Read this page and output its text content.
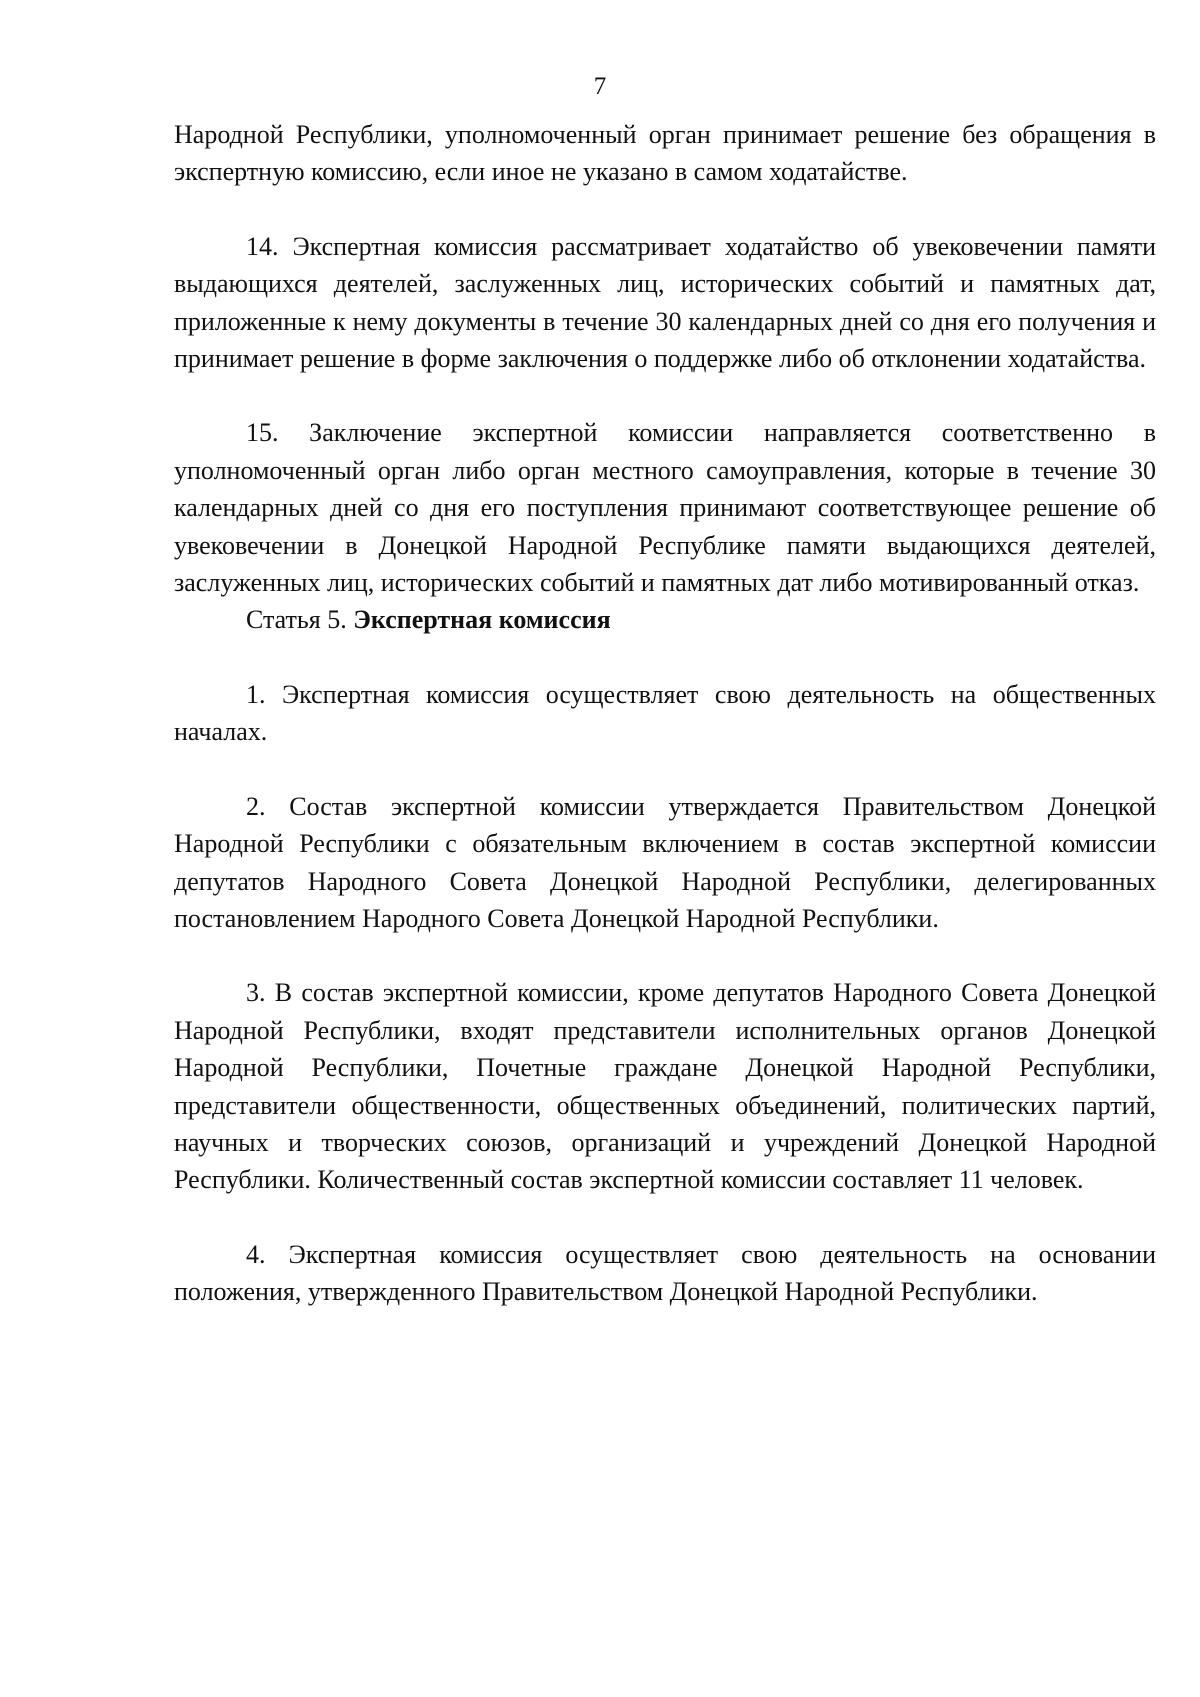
7

Народной Республики, уполномоченный орган принимает решение без обращения в экспертную комиссию, если иное не указано в самом ходатайстве.

14. Экспертная комиссия рассматривает ходатайство об увековечении памяти выдающихся деятелей, заслуженных лиц, исторических событий и памятных дат, приложенные к нему документы в течение 30 календарных дней со дня его получения и принимает решение в форме заключения о поддержке либо об отклонении ходатайства.

15. Заключение экспертной комиссии направляется соответственно в уполномоченный орган либо орган местного самоуправления, которые в течение 30 календарных дней со дня его поступления принимают соответствующее решение об увековечении в Донецкой Народной Республике памяти выдающихся деятелей, заслуженных лиц, исторических событий и памятных дат либо мотивированный отказ.

Статья 5. Экспертная комиссия

1. Экспертная комиссия осуществляет свою деятельность на общественных началах.

2. Состав экспертной комиссии утверждается Правительством Донецкой Народной Республики с обязательным включением в состав экспертной комиссии депутатов Народного Совета Донецкой Народной Республики, делегированных постановлением Народного Совета Донецкой Народной Республики.

3. В состав экспертной комиссии, кроме депутатов Народного Совета Донецкой Народной Республики, входят представители исполнительных органов Донецкой Народной Республики, Почетные граждане Донецкой Народной Республики, представители общественности, общественных объединений, политических партий, научных и творческих союзов, организаций и учреждений Донецкой Народной Республики. Количественный состав экспертной комиссии составляет 11 человек.

4. Экспертная комиссия осуществляет свою деятельность на основании положения, утвержденного Правительством Донецкой Народной Республики.
